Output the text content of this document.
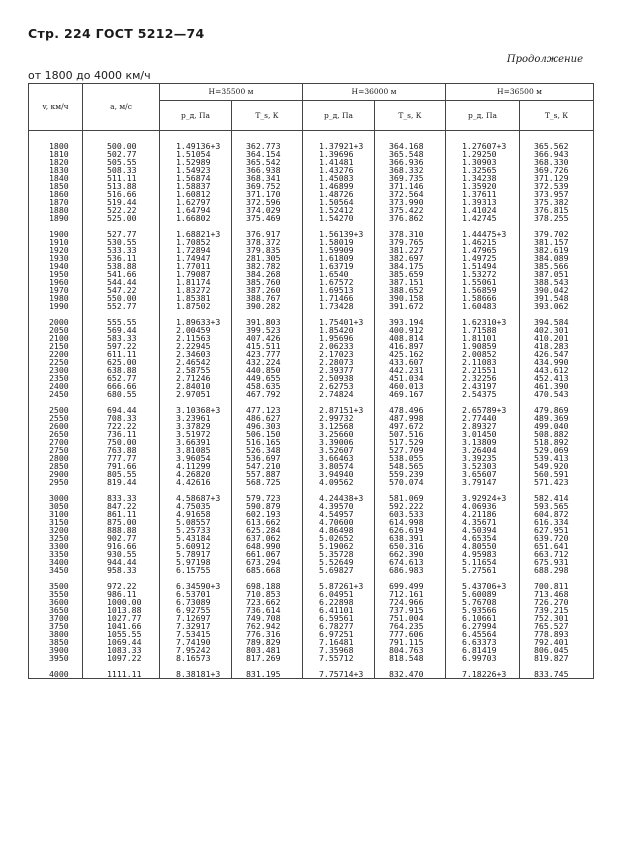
Стр. 224 ГОСТ 5212—74
Продолжение
от 1800 до 4000 км/ч
v, км/ч	a, м/с	H=35500 м		H=36000 м		H=36500 м	
		p_д, Па	T_s, К	p_д, Па	T_s, К	p_д, Па	T_s, К
1800	500.00	1.49136+3	362.773	1.37921+3	364.168	1.27607+3	365.562
1810	502.77	1.51054	364.154	1.39696	365.548	1.29250	366.943
1820	505.55	1.52989	365.542	1.41481	366.936	1.30903	368.330
1830	508.33	1.54923	366.938	1.43276	368.332	1.32565	369.726
1840	511.11	1.56874	368.341	1.45083	369.735	1.34238	371.129
1850	513.88	1.58837	369.752	1.46899	371.146	1.35920	372.539
1860	516.66	1.60812	371.170	1.48726	372.564	1.37611	373.957
1870	519.44	1.62797	372.596	1.50564	373.990	1.39313	375.382
1880	522.22	1.64794	374.029	1.52412	375.422	1.41024	376.815
1890	525.00	1.66802	375.469	1.54270	376.862	1.42745	378.255

1900	527.77	1.68821+3	376.917	1.56139+3	378.310	1.44475+3	379.702
1910	530.55	1.70852	378.372	1.58019	379.765	1.46215	381.157
1920	533.33	1.72894	379.835	1.59909	381.227	1.47965	382.619
1930	536.11	1.74947	281.305	1.61809	382.697	1.49725	384.089
1940	538.88	1.77011	382.782	1.63719	384.175	1.51494	385.566
1950	541.66	1.79087	384.268	1.6540	385.659	1.53272	387.051
1960	544.44	1.81174	385.760	1.67572	387.151	1.55061	388.543
1970	547.22	1.83272	387.260	1.69513	388.652	1.56859	390.042
1980	550.00	1.85381	388.767	1.71466	390.158	1.58666	391.548
1990	552.77	1.87502	390.282	1.73428	391.672	1.60483	393.062

2000	555.55	1.89633+3	391.803	1.75401+3	393.194	1.62310+3	394.584
2050	569.44	2.00459	399.523	1.85420	400.912	1.71588	402.301
2100	583.33	2.11563	407.426	1.95696	408.814	1.81101	410.201
2150	597.22	2.22945	415.511	2.06233	416.897	1.90859	418.283
2200	611.11	2.34603	423.777	2.17023	425.162	2.00852	426.547
2250	625.00	2.46542	432.224	2.28073	433.607	2.11083	434.990
2300	638.88	2.58755	440.850	2.39377	442.231	2.21551	443.612
2350	652.77	2.71246	449.655	2.50938	451.034	2.32256	452.413
2400	666.66	2.84010	458.635	2.62753	460.013	2.43197	461.390
2450	680.55	2.97051	467.792	2.74824	469.167	2.54375	470.543

2500	694.44	3.10368+3	477.123	2.87151+3	478.496	2.65789+3	479.869
2550	708.33	3.23961	486.627	2.99732	487.998	2.77440	489.369
2600	722.22	3.37829	496.303	3.12568	497.672	2.89327	499.040
2650	736.11	3.51972	506.150	3.25660	507.516	3.01450	508.882
2700	750.00	3.66391	516.165	3.39006	517.529	3.13809	518.892
2750	763.88	3.81085	526.348	3.52607	527.709	3.26404	529.069
2800	777.77	3.96054	536.697	3.66463	538.055	3.39235	539.413
2850	791.66	4.11299	547.210	3.80574	548.565	3.52303	549.920
2900	805.55	4.26820	557.887	3.94940	559.239	3.65607	560.591
2950	819.44	4.42616	568.725	4.09562	570.074	3.79147	571.423

3000	833.33	4.58687+3	579.723	4.24438+3	581.069	3.92924+3	582.414
3050	847.22	4.75035	590.879	4.39570	592.222	4.06936	593.565
3100	861.11	4.91658	602.193	4.54957	603.533	4.21186	604.872
3150	875.00	5.08557	613.662	4.70600	614.998	4.35671	616.334
3200	888.88	5.25733	625.284	4.86498	626.619	4.50394	627.951
3250	902.77	5.43184	637.062	5.02652	638.391	4.65354	639.720
3300	916.66	5.60912	648.990	5.19062	650.316	4.80550	651.641
3350	930.55	5.78917	661.067	5.35728	662.390	4.95983	663.712
3400	944.44	5.97198	673.294	5.52649	674.613	5.11654	675.931
3450	958.33	6.15755	685.668	5.69827	686.983	5.27561	688.298

3500	972.22	6.34590+3	698.188	5.87261+3	699.499	5.43706+3	700.811
3550	986.11	6.53701	710.853	6.04951	712.161	5.60089	713.468
3600	1000.00	6.73089	723.662	6.22898	724.966	5.76708	726.270
3650	1013.88	6.92755	736.614	6.41101	737.915	5.93566	739.215
3700	1027.77	7.12697	749.708	6.59561	751.004	6.10661	752.301
3750	1041.66	7.32917	762.942	6.78277	764.235	6.27994	765.527
3800	1055.55	7.53415	776.316	6.97251	777.606	6.45564	778.893
3850	1069.44	7.74190	789.829	7.16481	791.115	6.63373	792.401
3900	1083.33	7.95242	803.481	7.35968	804.763	6.81419	806.045
3950	1097.22	8.16573	817.269	7.55712	818.548	6.99703	819.827

4000	1111.11	8.38181+3	831.195	7.75714+3	832.470	7.18226+3	833.745
